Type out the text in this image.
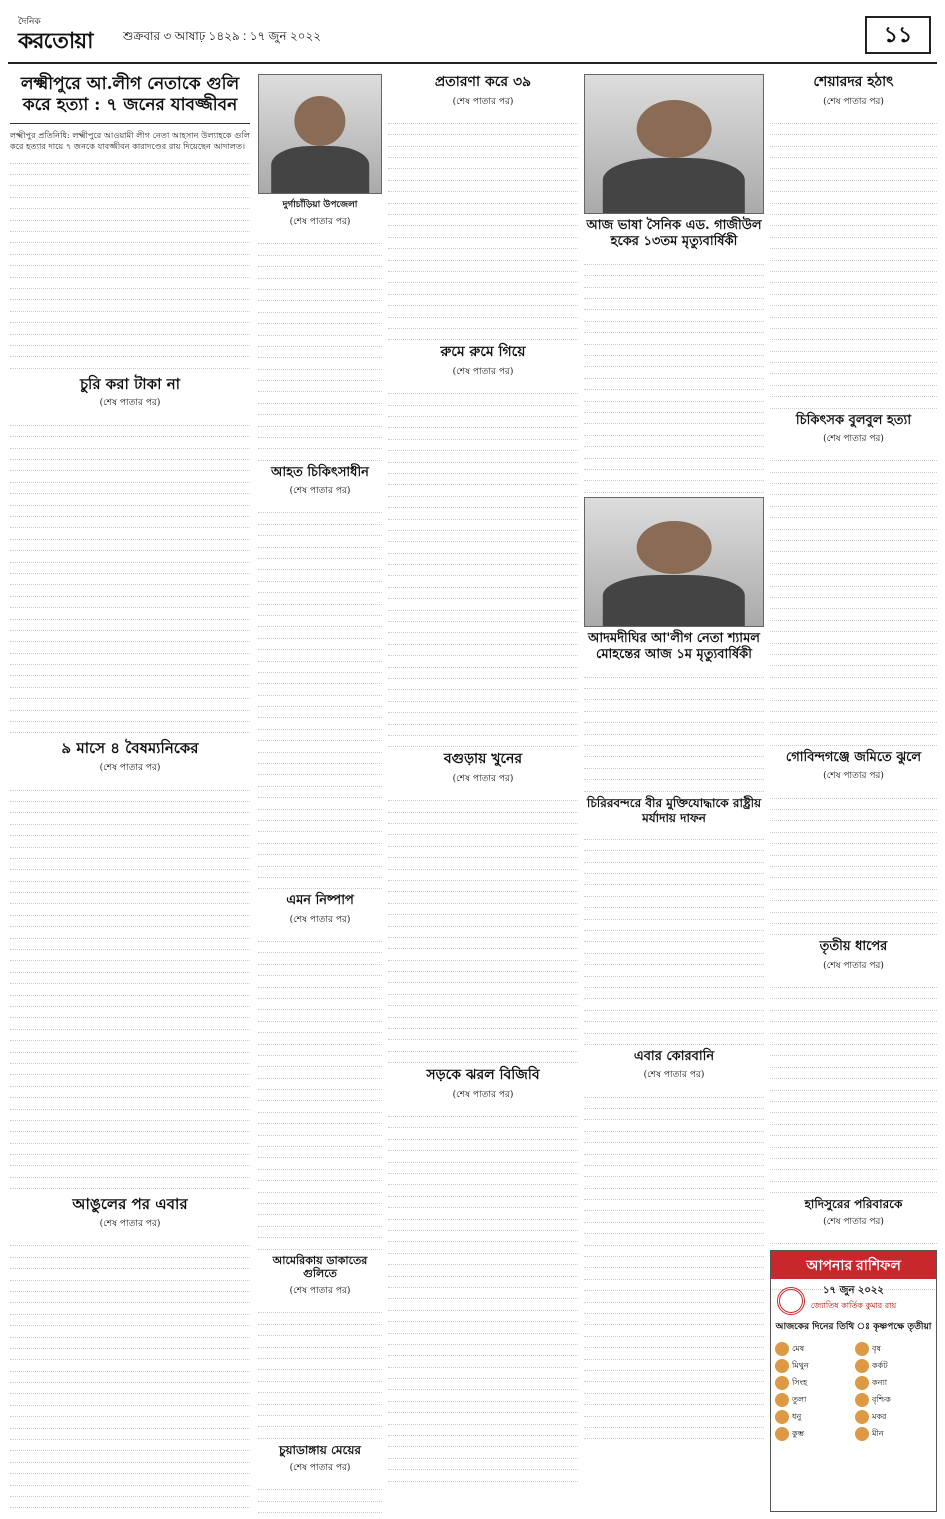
দৈনিক
করতোয়া	শুক্রবার ৩ আষাঢ় ১৪২৯ : ১৭ জুন ২০২২	১১
লক্ষ্মীপুরে আ.লীগ নেতাকে গুলি করে হত্যা : ৭ জনের যাবজ্জীবন
লক্ষ্মীপুর প্রতিনিধি: লক্ষ্মীপুরে আওয়ামী লীগ নেতা আহসান উল্যাহকে গুলি করে হত্যার দায়ে ৭ জনকে যাবজ্জীবন কারাদণ্ডের রায় দিয়েছেন আদালত।
চুরি করা টাকা না
(শেষ পাতার পর)
৯ মাসে ৪ বৈষম্যনিকের
(শেষ পাতার পর)
আঙুলের পর এবার
(শেষ পাতার পর)
দুর্গাচাঁড়িয়া উপজেলা
(শেষ পাতার পর)
আহত চিকিৎসাধীন
(শেষ পাতার পর)
এমন নিষ্পাপ
(শেষ পাতার পর)
আমেরিকায় ডাকাতের গুলিতে
(শেষ পাতার পর)
চুয়াডাঙ্গায় মেয়ের
(শেষ পাতার পর)
প্রতারণা করে ৩৯
(শেষ পাতার পর)
রুমে রুমে গিয়ে
(শেষ পাতার পর)
বগুড়ায় খুনের
(শেষ পাতার পর)
সড়কে ঝরল বিজিবি
(শেষ পাতার পর)
আজ ভাষা সৈনিক এড. গাজীউল হকের ১৩তম মৃত্যুবার্ষিকী
আদমদীঘির আ'লীগ নেতা শ্যামল মোহন্তের আজ ১ম মৃত্যুবার্ষিকী
চিরিরবন্দরে বীর মুক্তিযোদ্ধাকে রাষ্ট্রীয় মর্যাদায় দাফন
এবার কোরবানি
(শেষ পাতার পর)
শেয়ারদর হঠাৎ
(শেষ পাতার পর)
চিকিৎসক বুলবুল হত্যা
(শেষ পাতার পর)
গোবিন্দগঞ্জে জমিতে ঝুলে
(শেষ পাতার পর)
তৃতীয় ধাপের
(শেষ পাতার পর)
হাদিসুরের পরিবারকে
(শেষ পাতার পর)
আপনার রাশিফল
১৭ জুন ২০২২
জ্যোতিষ কার্তিক কুমার রায়
আজকের দিনের তিথি ঃ কৃষ্ণপক্ষে তৃতীয়া
মেষ	বৃষ
মিথুন	কর্কট
সিংহ	কন্যা
তুলা	বৃশ্চিক
ধনু	মকর
কুম্ভ	মীন
